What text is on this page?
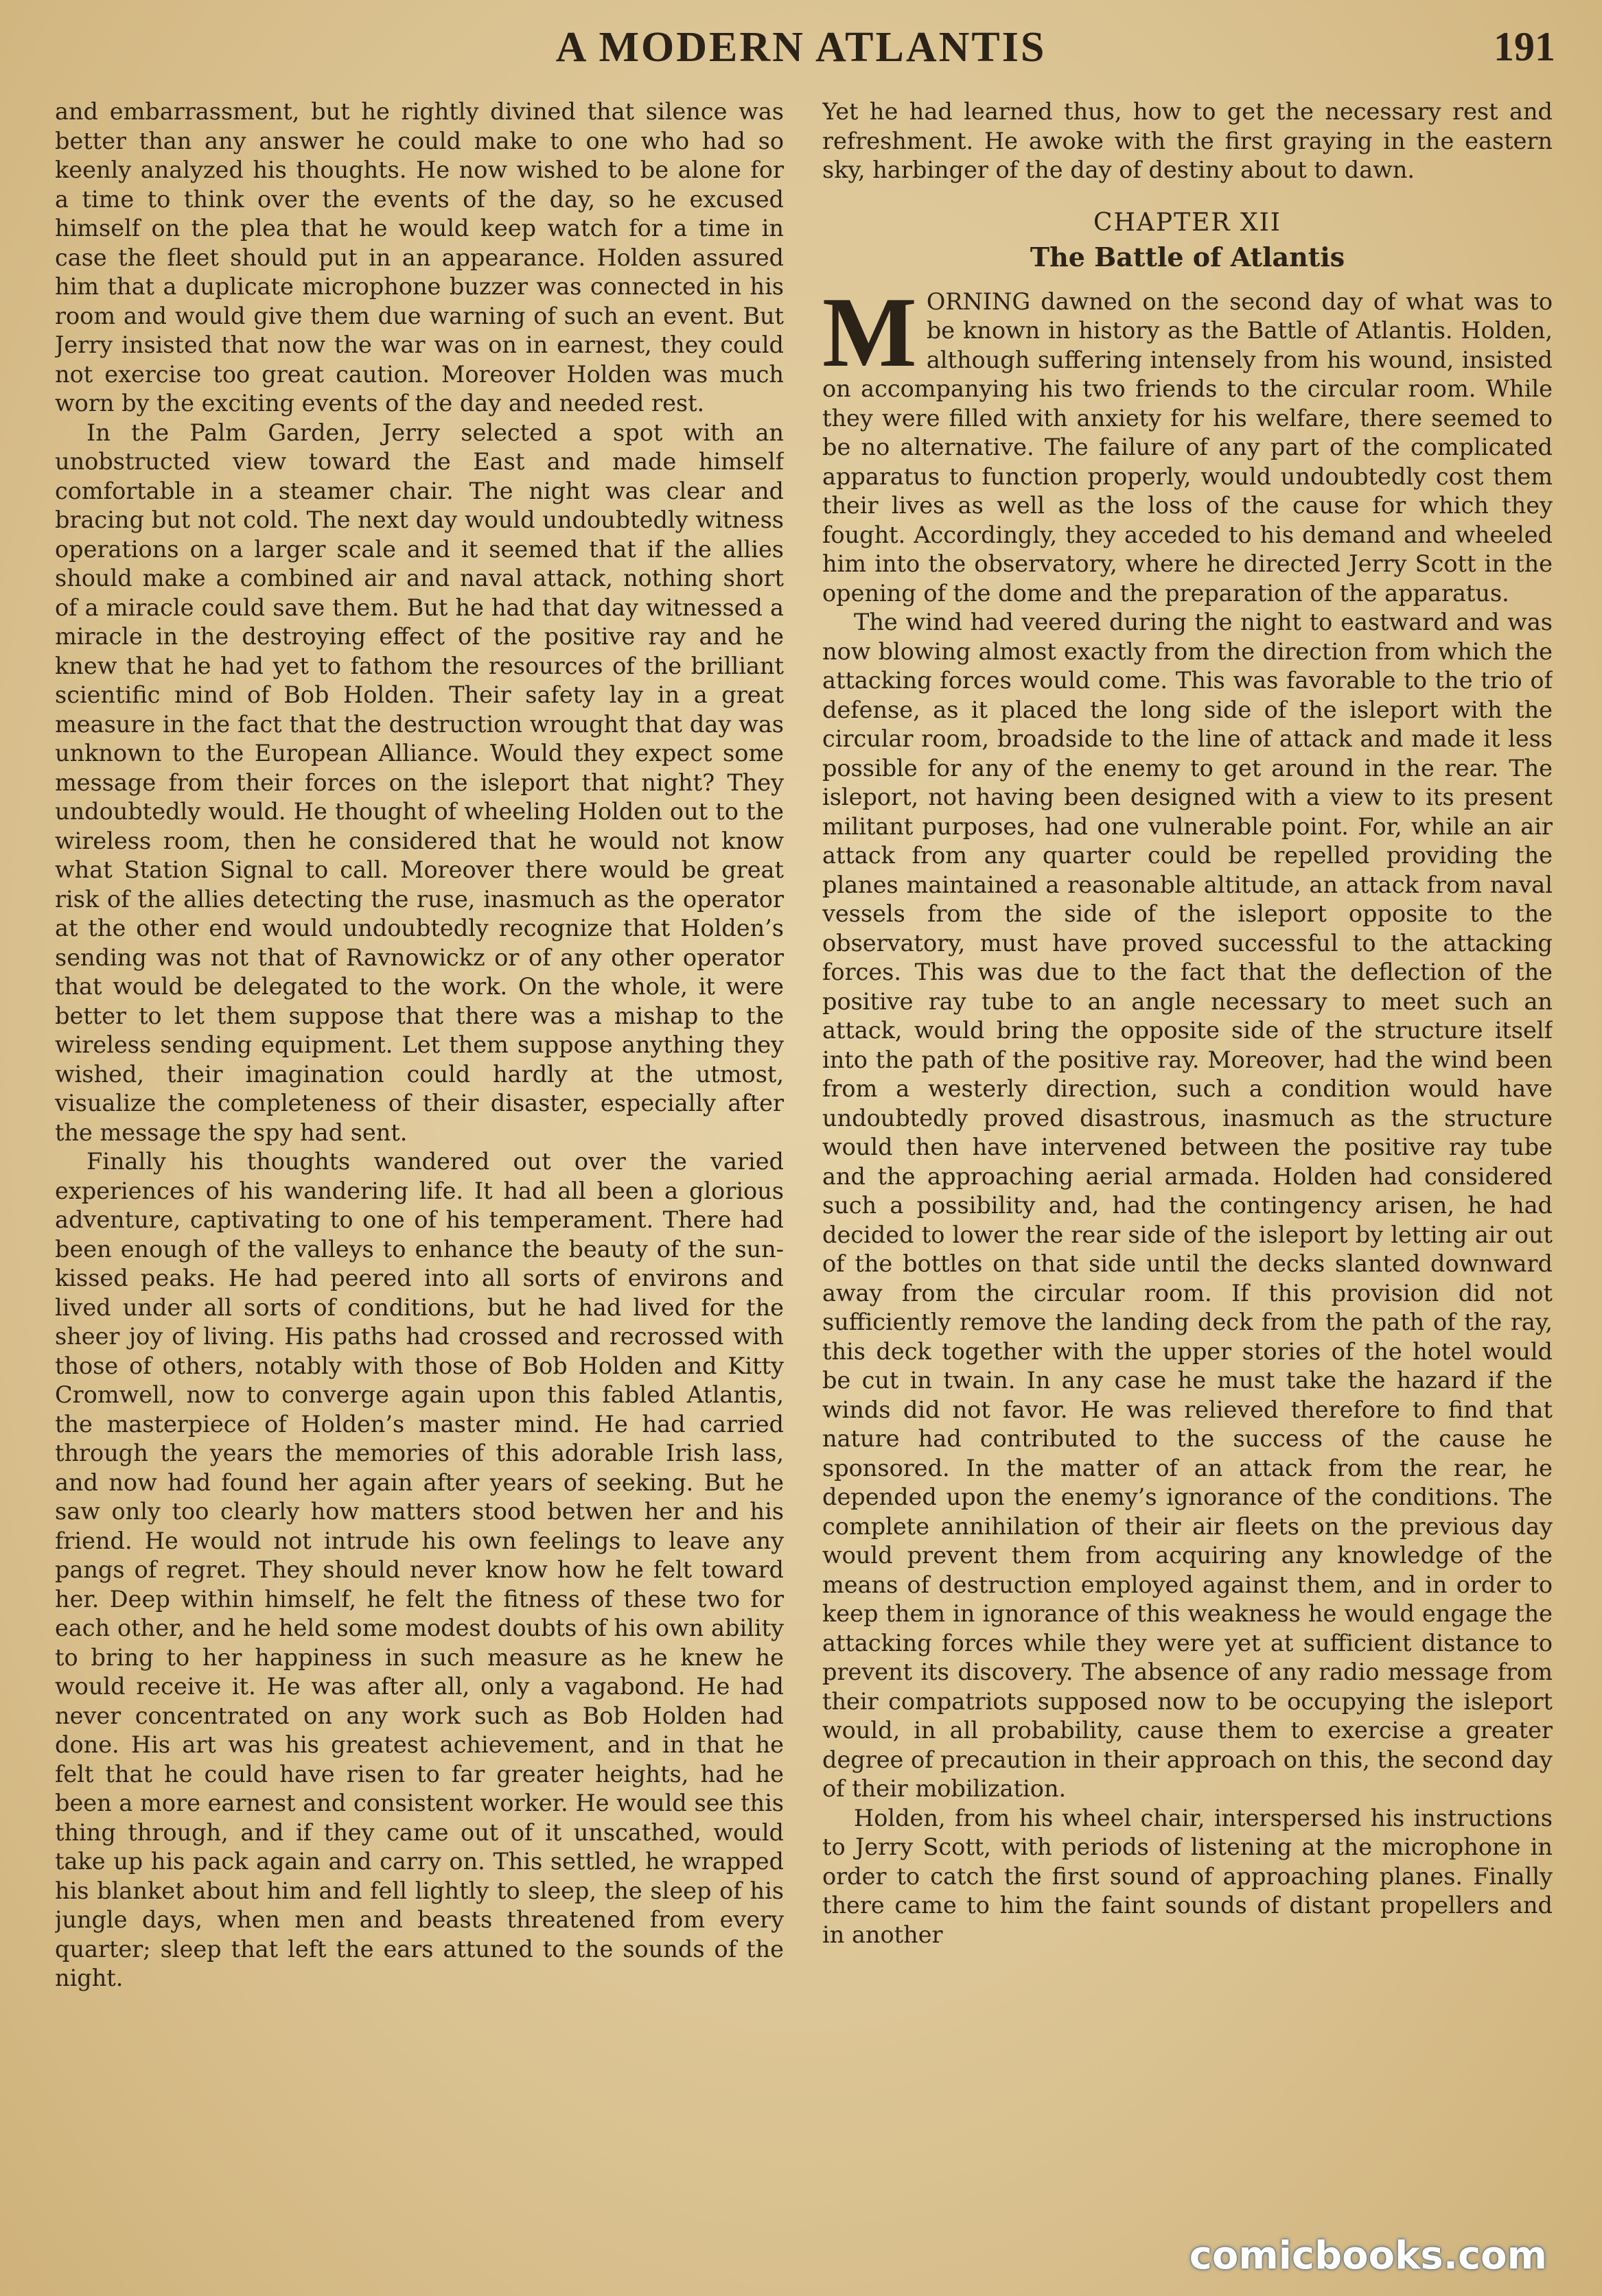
A MODERN ATLANTIS	191

and embarrassment, but he rightly divined that silence was better than any answer he could make to one who had so keenly analyzed his thoughts. He now wished to be alone for a time to think over the events of the day, so he excused himself on the plea that he would keep watch for a time in case the fleet should put in an appearance. Holden assured him that a duplicate microphone buzzer was connected in his room and would give them due warning of such an event. But Jerry insisted that now the war was on in earnest, they could not exercise too great caution. Moreover Holden was much worn by the exciting events of the day and needed rest.

In the Palm Garden, Jerry selected a spot with an unobstructed view toward the East and made himself comfortable in a steamer chair. The night was clear and bracing but not cold. The next day would undoubtedly witness operations on a larger scale and it seemed that if the allies should make a combined air and naval attack, nothing short of a miracle could save them. But he had that day witnessed a miracle in the destroying effect of the positive ray and he knew that he had yet to fathom the resources of the brilliant scientific mind of Bob Holden. Their safety lay in a great measure in the fact that the destruction wrought that day was unknown to the European Alliance. Would they expect some message from their forces on the isleport that night? They undoubtedly would. He thought of wheeling Holden out to the wireless room, then he considered that he would not know what Station Signal to call. Moreover there would be great risk of the allies detecting the ruse, inasmuch as the operator at the other end would undoubtedly recognize that Holden’s sending was not that of Ravnowickz or of any other operator that would be delegated to the work. On the whole, it were better to let them suppose that there was a mishap to the wireless sending equipment. Let them suppose anything they wished, their imagination could hardly at the utmost, visualize the completeness of their disaster, especially after the message the spy had sent.

Finally his thoughts wandered out over the varied experiences of his wandering life. It had all been a glorious adventure, captivating to one of his temperament. There had been enough of the valleys to enhance the beauty of the sun-kissed peaks. He had peered into all sorts of environs and lived under all sorts of conditions, but he had lived for the sheer joy of living. His paths had crossed and recrossed with those of others, notably with those of Bob Holden and Kitty Cromwell, now to converge again upon this fabled Atlantis, the masterpiece of Holden’s master mind. He had carried through the years the memories of this adorable Irish lass, and now had found her again after years of seeking. But he saw only too clearly how matters stood betwen her and his friend. He would not intrude his own feelings to leave any pangs of regret. They should never know how he felt toward her. Deep within himself, he felt the fitness of these two for each other, and he held some modest doubts of his own ability to bring to her happiness in such measure as he knew he would receive it. He was after all, only a vagabond. He had never concentrated on any work such as Bob Holden had done. His art was his greatest achievement, and in that he felt that he could have risen to far greater heights, had he been a more earnest and consistent worker. He would see this thing through, and if they came out of it unscathed, would take up his pack again and carry on. This settled, he wrapped his blanket about him and fell lightly to sleep, the sleep of his jungle days, when men and beasts threatened from every quarter; sleep that left the ears attuned to the sounds of the night.

Yet he had learned thus, how to get the necessary rest and refreshment. He awoke with the first graying in the eastern sky, harbinger of the day of destiny about to dawn.

CHAPTER XII

The Battle of Atlantis

MORNING dawned on the second day of what was to be known in history as the Battle of Atlantis. Holden, although suffering intensely from his wound, insisted on accompanying his two friends to the circular room. While they were filled with anxiety for his welfare, there seemed to be no alternative. The failure of any part of the complicated apparatus to function properly, would undoubtedly cost them their lives as well as the loss of the cause for which they fought. Accordingly, they acceded to his demand and wheeled him into the observatory, where he directed Jerry Scott in the opening of the dome and the preparation of the apparatus.

The wind had veered during the night to eastward and was now blowing almost exactly from the direction from which the attacking forces would come. This was favorable to the trio of defense, as it placed the long side of the isleport with the circular room, broadside to the line of attack and made it less possible for any of the enemy to get around in the rear. The isleport, not having been designed with a view to its present militant purposes, had one vulnerable point. For, while an air attack from any quarter could be repelled providing the planes maintained a reasonable altitude, an attack from naval vessels from the side of the isleport opposite to the observatory, must have proved successful to the attacking forces. This was due to the fact that the deflection of the positive ray tube to an angle necessary to meet such an attack, would bring the opposite side of the structure itself into the path of the positive ray. Moreover, had the wind been from a westerly direction, such a condition would have undoubtedly proved disastrous, inasmuch as the structure would then have intervened between the positive ray tube and the approaching aerial armada. Holden had considered such a possibility and, had the contingency arisen, he had decided to lower the rear side of the isleport by letting air out of the bottles on that side until the decks slanted downward away from the circular room. If this provision did not sufficiently remove the landing deck from the path of the ray, this deck together with the upper stories of the hotel would be cut in twain. In any case he must take the hazard if the winds did not favor. He was relieved therefore to find that nature had contributed to the success of the cause he sponsored. In the matter of an attack from the rear, he depended upon the enemy’s ignorance of the conditions. The complete annihilation of their air fleets on the previous day would prevent them from acquiring any knowledge of the means of destruction employed against them, and in order to keep them in ignorance of this weakness he would engage the attacking forces while they were yet at sufficient distance to prevent its discovery. The absence of any radio message from their compatriots supposed now to be occupying the isleport would, in all probability, cause them to exercise a greater degree of precaution in their approach on this, the second day of their mobilization.

Holden, from his wheel chair, interspersed his instructions to Jerry Scott, with periods of listening at the microphone in order to catch the first sound of approaching planes. Finally there came to him the faint sounds of distant propellers and in another

comicbooks.com
